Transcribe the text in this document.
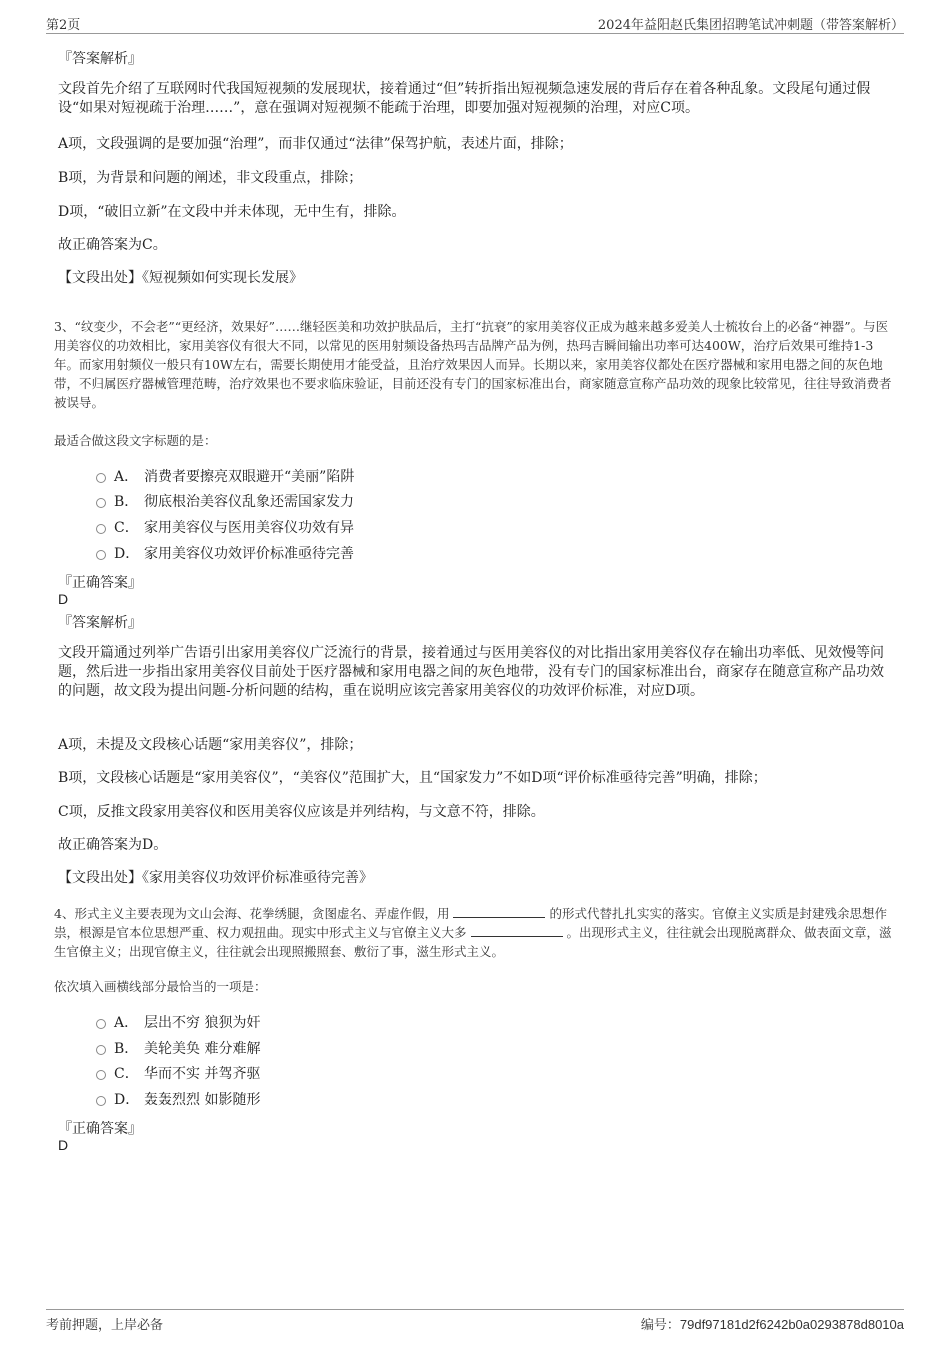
第2页	2024年益阳赵氏集团招聘笔试冲刺题（带答案解析）
『答案解析』
文段首先介绍了互联网时代我国短视频的发展现状，接着通过“但”转折指出短视频急速发展的背后存在着各种乱象。文段尾句通过假设“如果对短视疏于治理……”，意在强调对短视频不能疏于治理，即要加强对短视频的治理，对应C项。
A项，文段强调的是要加强“治理”，而非仅通过“法律”保驾护航，表述片面，排除；
B项，为背景和问题的阐述，非文段重点，排除；
D项，“破旧立新”在文段中并未体现，无中生有，排除。
故正确答案为C。
【文段出处】《短视频如何实现长发展》
3、“纹变少，不会老”“更经济，效果好”……继轻医美和功效护肤品后，主打“抗衰”的家用美容仪正成为越来越多爱美人士梳妆台上的必备“神器”。与医用美容仪的功效相比，家用美容仪有很大不同，以常见的医用射频设备热玛吉品牌产品为例，热玛吉瞬间输出功率可达400W，治疗后效果可维持1-3年。而家用射频仪一般只有10W左右，需要长期使用才能受益，且治疗效果因人而异。长期以来，家用美容仪都处在医疗器械和家用电器之间的灰色地带，不归属医疗器械管理范畴，治疗效果也不要求临床验证，目前还没有专门的国家标准出台，商家随意宣称产品功效的现象比较常见，往往导致消费者被误导。
最适合做这段文字标题的是：
A． 消费者要擦亮双眼避开“美丽”陷阱
B． 彻底根治美容仪乱象还需国家发力
C． 家用美容仪与医用美容仪功效有异
D． 家用美容仪功效评价标准亟待完善
『正确答案』
D
『答案解析』
文段开篇通过列举广告语引出家用美容仪广泛流行的背景，接着通过与医用美容仪的对比指出家用美容仪存在输出功率低、见效慢等问题，然后进一步指出家用美容仪目前处于医疗器械和家用电器之间的灰色地带，没有专门的国家标准出台，商家存在随意宣称产品功效的问题，故文段为提出问题-分析问题的结构，重在说明应该完善家用美容仪的功效评价标准，对应D项。
A项，未提及文段核心话题“家用美容仪”，排除；
B项，文段核心话题是“家用美容仪”，“美容仪”范围扩大，且“国家发力”不如D项“评价标准亟待完善”明确，排除；
C项，反推文段家用美容仪和医用美容仪应该是并列结构，与文意不符，排除。
故正确答案为D。
【文段出处】《家用美容仪功效评价标准亟待完善》
4、形式主义主要表现为文山会海、花拳绣腿，贪图虚名、弄虚作假，用	的形式代替扎扎实实的落实。官僚主义实质是封建残余思想作祟，根源是官本位思想严重、权力观扭曲。现实中形式主义与官僚主义大多	。出现形式主义，往往就会出现脱离群众、做表面文章，滋生官僚主义；出现官僚主义，往往就会出现照搬照套、敷衍了事，滋生形式主义。
依次填入画横线部分最恰当的一项是：
A． 层出不穷 狼狈为奸
B． 美轮美奂 难分难解
C． 华而不实 并驾齐驱
D． 轰轰烈烈 如影随形
『正确答案』
D
考前押题，上岸必备	编号：79df97181d2f6242b0a0293878d8010a
